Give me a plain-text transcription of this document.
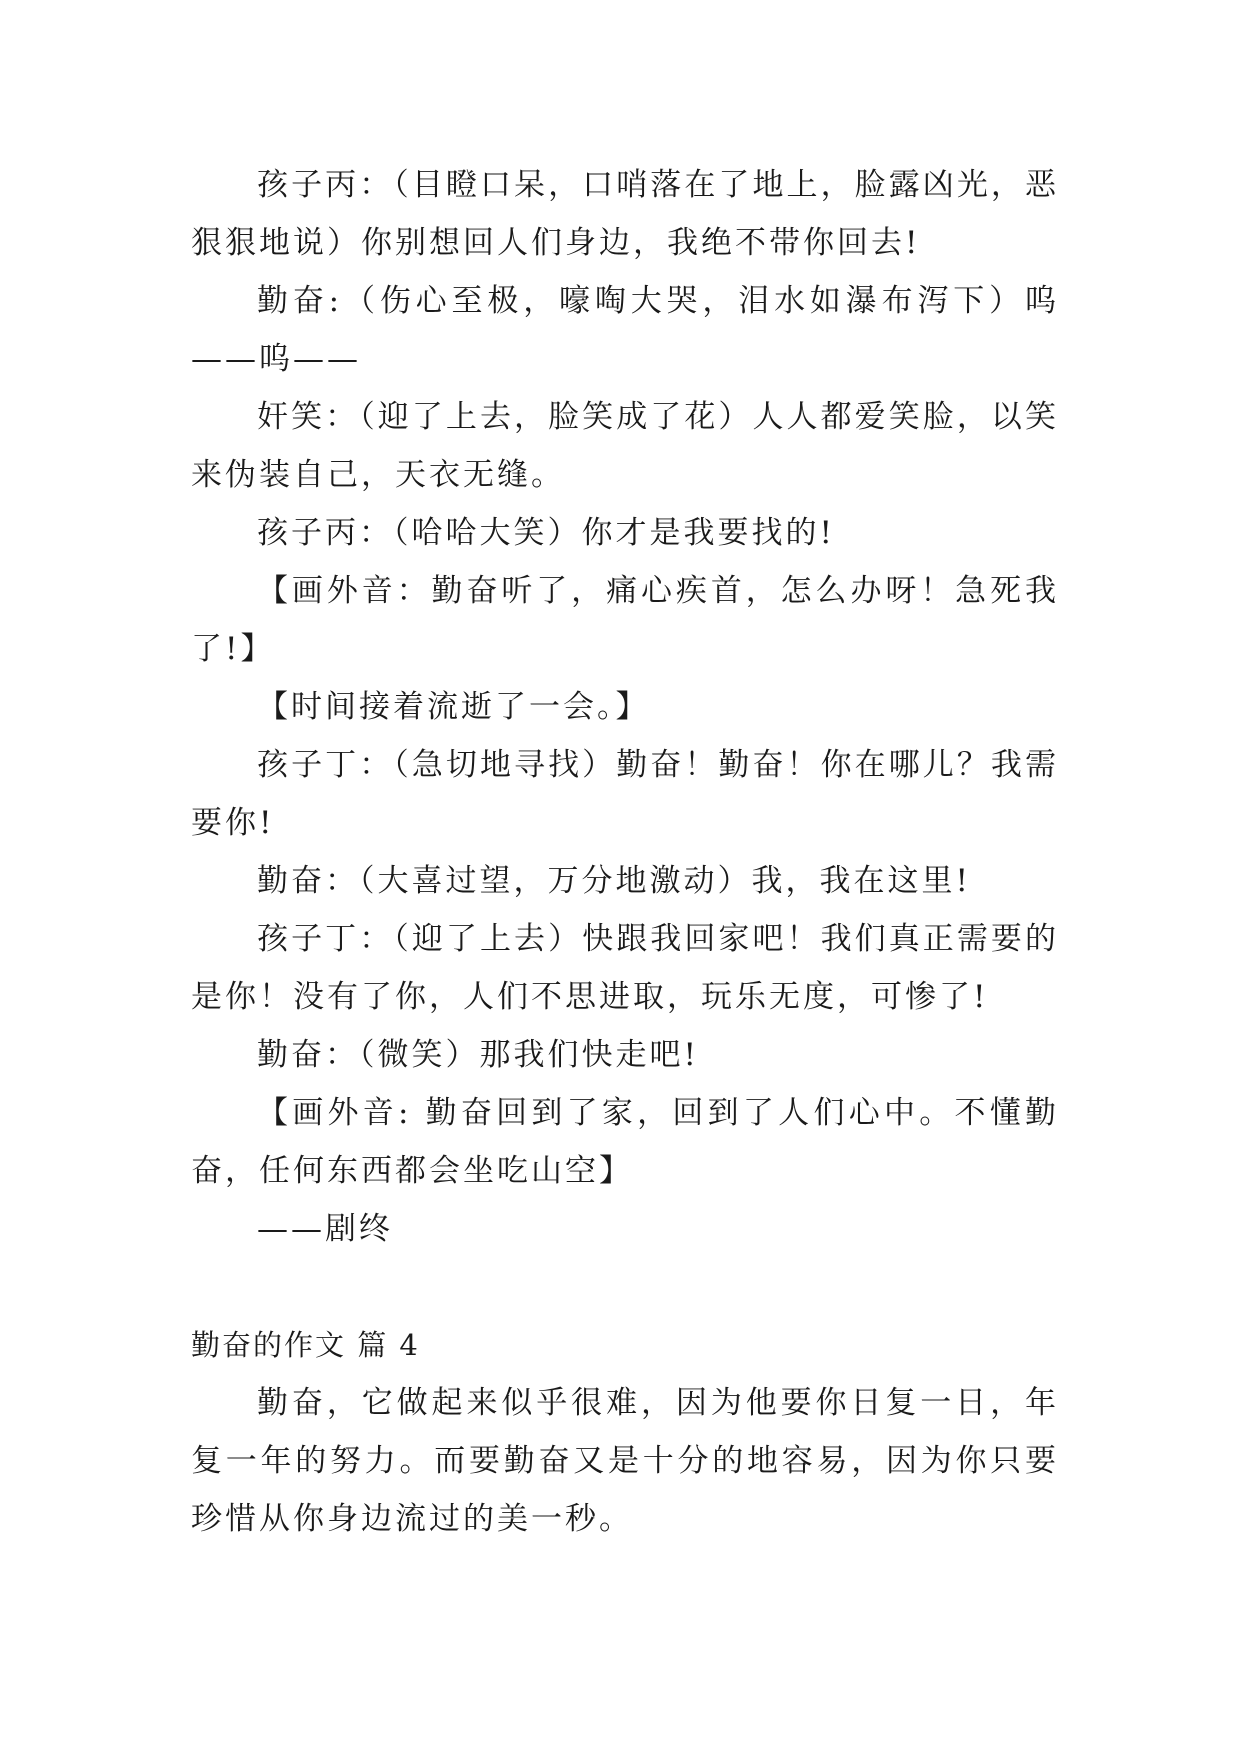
孩子丙：（目瞪口呆，口哨落在了地上，脸露凶光，恶狠狠地说）你别想回人们身边，我绝不带你回去!

勤奋:（伤心至极，嚎啕大哭，泪水如瀑布泻下）呜——呜——

奸笑：（迎了上去，脸笑成了花）人人都爱笑脸，以笑来伪装自己，天衣无缝。

孩子丙：（哈哈大笑）你才是我要找的!

【画外音：勤奋听了，痛心疾首，怎么办呀！急死我了!】

【时间接着流逝了一会。】

孩子丁：（急切地寻找）勤奋！勤奋！你在哪儿？我需要你!

勤奋：（大喜过望，万分地激动）我，我在这里!

孩子丁：（迎了上去）快跟我回家吧！我们真正需要的是你！没有了你，人们不思进取，玩乐无度，可惨了!

勤奋：（微笑）那我们快走吧!

【画外音: 勤奋回到了家，回到了人们心中。不懂勤奋，任何东西都会坐吃山空】

——剧终

勤奋的作文 篇 4

勤奋，它做起来似乎很难，因为他要你日复一日，年复一年的努力。而要勤奋又是十分的地容易，因为你只要珍惜从你身边流过的美一秒。
